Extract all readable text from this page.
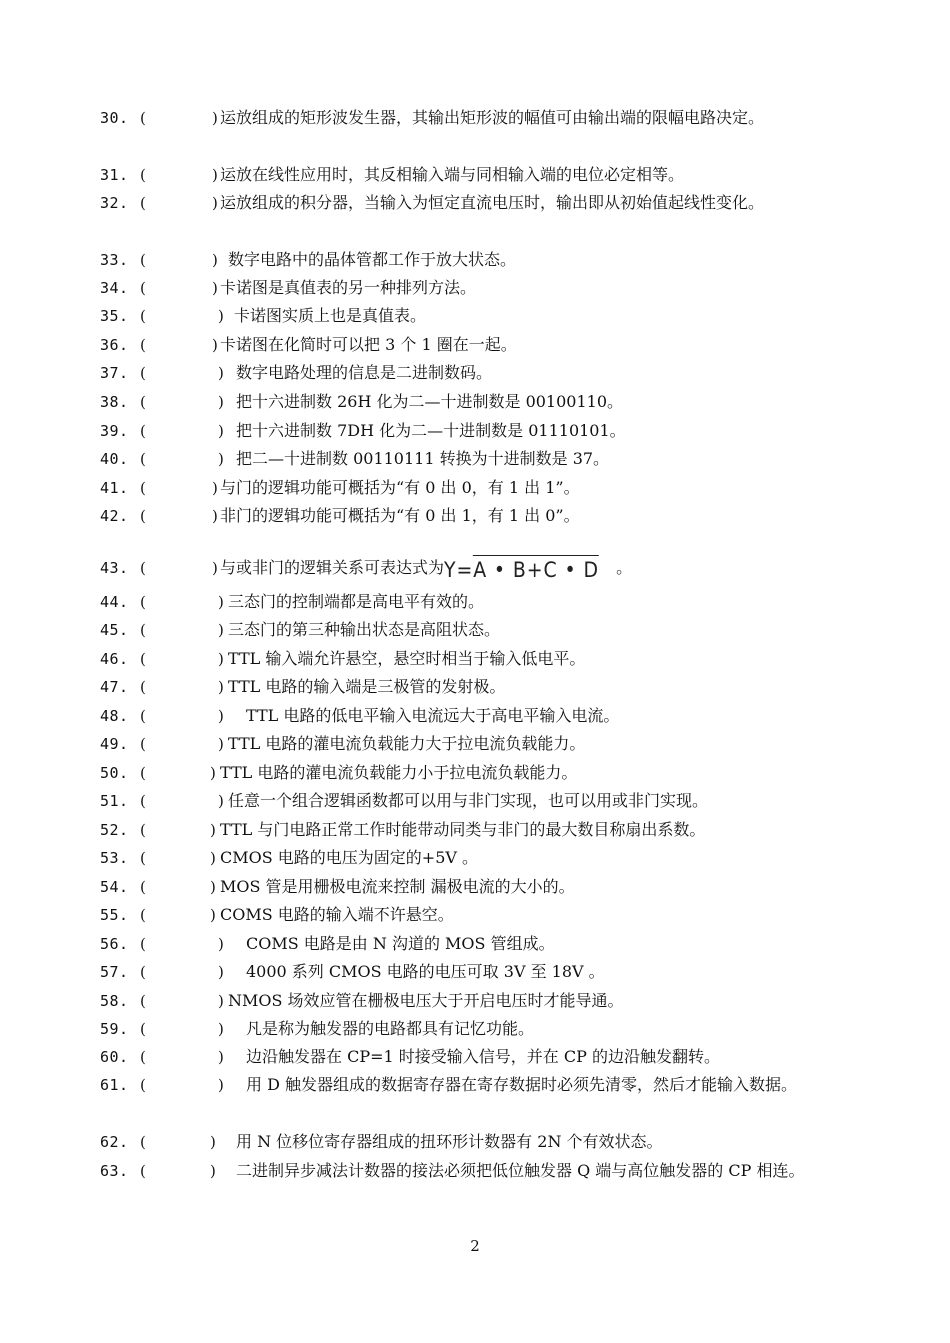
30. (	) 运放组成的矩形波发生器，其输出矩形波的幅值可由输出端的限幅电路决定。
31. (	) 运放在线性应用时，其反相输入端与同相输入端的电位必定相等。
32. (	) 运放组成的积分器，当输入为恒定直流电压时，输出即从初始值起线性变化。
33. (	) 数字电路中的晶体管都工作于放大状态。
34. (	) 卡诺图是真值表的另一种排列方法。
35. (	) 卡诺图实质上也是真值表。
36. (	) 卡诺图在化简时可以把 3 个 1 圈在一起。
37. (	) 数字电路处理的信息是二进制数码。
38. (	) 把十六进制数 26H 化为二—十进制数是 00100110。
39. (	) 把十六进制数 7DH 化为二—十进制数是 01110101。
40. (	) 把二—十进制数 00110111 转换为十进制数是 37。
41. (	) 与门的逻辑功能可概括为“有 0 出 0，有 1 出 1”。
42. (	) 非门的逻辑功能可概括为“有 0 出 1，有 1 出 0”。
43. (	) 与或非门的逻辑关系可表达式为Y=A • B+C • D 。
44. (	) 三态门的控制端都是高电平有效的。
45. (	) 三态门的第三种输出状态是高阻状态。
46. (	) TTL 输入端允许悬空，悬空时相当于输入低电平。
47. (	) TTL 电路的输入端是三极管的发射极。
48. (	) TTL 电路的低电平输入电流远大于高电平输入电流。
49. (	) TTL 电路的灌电流负载能力大于拉电流负载能力。
50. (	) TTL 电路的灌电流负载能力小于拉电流负载能力。
51. (	) 任意一个组合逻辑函数都可以用与非门实现，也可以用或非门实现。
52. (	) TTL 与门电路正常工作时能带动同类与非门的最大数目称扇出系数。
53. (	) CMOS 电路的电压为固定的+5V 。
54. (	) MOS 管是用栅极电流来控制 漏极电流的大小的。
55. (	) COMS 电路的输入端不许悬空。
56. (	) COMS 电路是由 N 沟道的 MOS 管组成。
57. (	) 4000 系列 CMOS 电路的电压可取 3V 至 18V 。
58. (	) NMOS 场效应管在栅极电压大于开启电压时才能导通。
59. (	) 凡是称为触发器的电路都具有记忆功能。
60. (	) 边沿触发器在 CP=1 时接受输入信号，并在 CP 的边沿触发翻转。
61. (	)	用 D 触发器组成的数据寄存器在寄存数据时必须先清零，然后才能输入数据。
62. (	) 用 N 位移位寄存器组成的扭环形计数器有 2N 个有效状态。
63. (	)	二进制异步减法计数器的接法必须把低位触发器 Q 端与高位触发器的 CP 相连。
2
